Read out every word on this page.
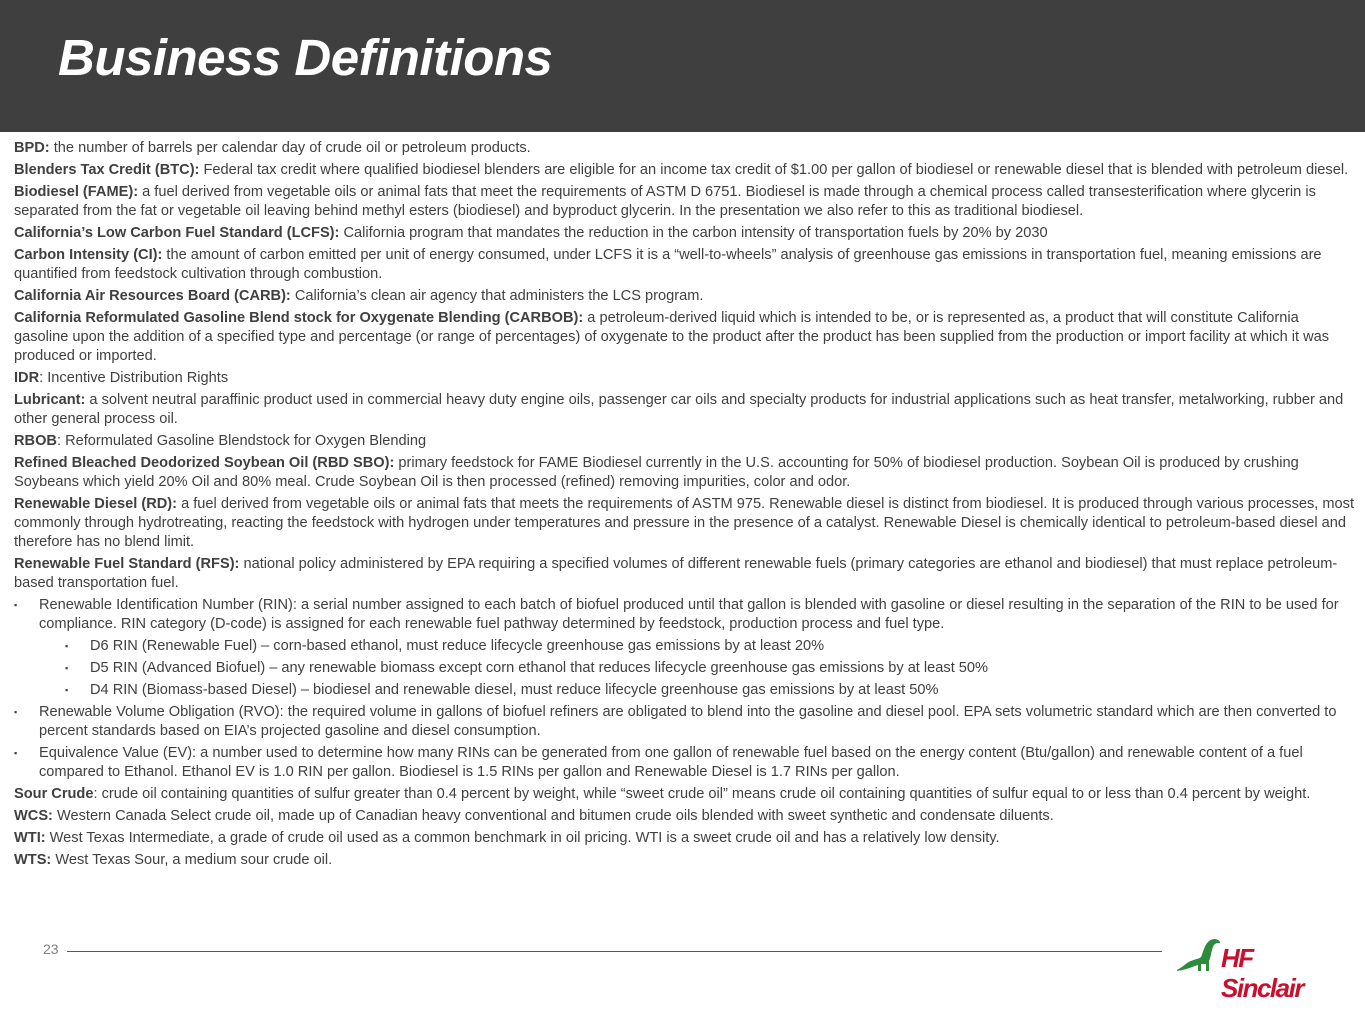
Business Definitions

BPD: the number of barrels per calendar day of crude oil or petroleum products.

Blenders Tax Credit (BTC): Federal tax credit where qualified biodiesel blenders are eligible for an income tax credit of $1.00 per gallon of biodiesel or renewable diesel that is blended with petroleum diesel.

Biodiesel (FAME): a fuel derived from vegetable oils or animal fats that meet the requirements of ASTM D 6751. Biodiesel is made through a chemical process called transesterification where glycerin is separated from the fat or vegetable oil leaving behind methyl esters (biodiesel) and byproduct glycerin. In the presentation we also refer to this as traditional biodiesel.

California’s Low Carbon Fuel Standard (LCFS): California program that mandates the reduction in the carbon intensity of transportation fuels by 20% by 2030

Carbon Intensity (CI): the amount of carbon emitted per unit of energy consumed, under LCFS it is a “well-to-wheels” analysis of greenhouse gas emissions in transportation fuel, meaning emissions are quantified from feedstock cultivation through combustion.

California Air Resources Board (CARB): California’s clean air agency that administers the LCS program.

California Reformulated Gasoline Blend stock for Oxygenate Blending (CARBOB): a petroleum-derived liquid which is intended to be, or is represented as, a product that will constitute California gasoline upon the addition of a specified type and percentage (or range of percentages) of oxygenate to the product after the product has been supplied from the production or import facility at which it was produced or imported.

IDR: Incentive Distribution Rights

Lubricant: a solvent neutral paraffinic product used in commercial heavy duty engine oils, passenger car oils and specialty products for industrial applications such as heat transfer, metalworking, rubber and other general process oil.

RBOB: Reformulated Gasoline Blendstock for Oxygen Blending

Refined Bleached Deodorized Soybean Oil (RBD SBO): primary feedstock for FAME Biodiesel currently in the U.S. accounting for 50% of biodiesel production. Soybean Oil is produced by crushing Soybeans which yield 20% Oil and 80% meal. Crude Soybean Oil is then processed (refined) removing impurities, color and odor.

Renewable Diesel (RD): a fuel derived from vegetable oils or animal fats that meets the requirements of ASTM 975. Renewable diesel is distinct from biodiesel. It is produced through various processes, most commonly through hydrotreating, reacting the feedstock with hydrogen under temperatures and pressure in the presence of a catalyst. Renewable Diesel is chemically identical to petroleum-based diesel and therefore has no blend limit.

Renewable Fuel Standard (RFS): national policy administered by EPA requiring a specified volumes of different renewable fuels (primary categories are ethanol and biodiesel) that must replace petroleum-based transportation fuel.

▪ Renewable Identification Number (RIN): a serial number assigned to each batch of biofuel produced until that gallon is blended with gasoline or diesel resulting in the separation of the RIN to be used for compliance. RIN category (D-code) is assigned for each renewable fuel pathway determined by feedstock, production process and fuel type.

▪ D6 RIN (Renewable Fuel) – corn-based ethanol, must reduce lifecycle greenhouse gas emissions by at least 20%

▪ D5 RIN (Advanced Biofuel) – any renewable biomass except corn ethanol that reduces lifecycle greenhouse gas emissions by at least 50%

▪ D4 RIN (Biomass-based Diesel) – biodiesel and renewable diesel, must reduce lifecycle greenhouse gas emissions by at least 50%

▪ Renewable Volume Obligation (RVO): the required volume in gallons of biofuel refiners are obligated to blend into the gasoline and diesel pool. EPA sets volumetric standard which are then converted to percent standards based on EIA’s projected gasoline and diesel consumption.

▪ Equivalence Value (EV): a number used to determine how many RINs can be generated from one gallon of renewable fuel based on the energy content (Btu/gallon) and renewable content of a fuel compared to Ethanol. Ethanol EV is 1.0 RIN per gallon. Biodiesel is 1.5 RINs per gallon and Renewable Diesel is 1.7 RINs per gallon.

Sour Crude: crude oil containing quantities of sulfur greater than 0.4 percent by weight, while “sweet crude oil” means crude oil containing quantities of sulfur equal to or less than 0.4 percent by weight.

WCS: Western Canada Select crude oil, made up of Canadian heavy conventional and bitumen crude oils blended with sweet synthetic and condensate diluents.

WTI: West Texas Intermediate, a grade of crude oil used as a common benchmark in oil pricing. WTI is a sweet crude oil and has a relatively low density.

WTS: West Texas Sour, a medium sour crude oil.

23	HF Sinclair
